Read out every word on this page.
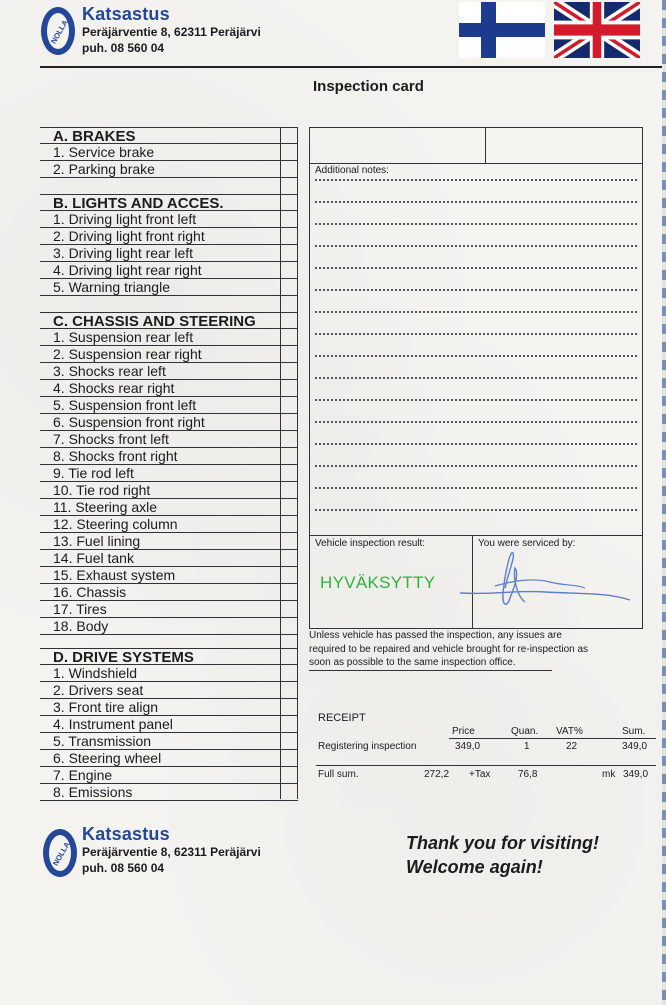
NOLLA
Katsastus
Peräjärventie 8, 62311 Peräjärvi
puh. 08 560 04
Inspection card
A. BRAKES
1. Service brake
2. Parking brake
B. LIGHTS AND ACCES.
1. Driving light front left
2. Driving light front right
3. Driving light rear left
4. Driving light rear right
5. Warning triangle
C. CHASSIS AND STEERING
1. Suspension rear left
2. Suspension rear right
3. Shocks rear left
4. Shocks rear right
5. Suspension front left
6. Suspension front right
7. Shocks front left
8. Shocks front right
9. Tie rod left
10. Tie rod right
11. Steering axle
12. Steering column
13. Fuel lining
14. Fuel tank
15. Exhaust system
16. Chassis
17. Tires
18. Body
D. DRIVE SYSTEMS
1. Windshield
2. Drivers seat
3. Front tire align
4. Instrument panel
5. Transmission
6. Steering wheel
7. Engine
8. Emissions
Additional notes:
Vehicle inspection result:	You were serviced by:
HYVÄKSYTTY
Unless vehicle has passed the inspection, any issues are
required to be repaired and vehicle brought for re-inspection as
soon as possible to the same inspection office.
RECEIPT
Price	Quan. VAT%	Sum.
Registering inspection	349,0	1	22	349,0
Full sum.	272,2 +Tax	76,8	mk 349,0
NOLLA
Katsastus
Peräjärventie 8, 62311 Peräjärvi
puh. 08 560 04
Thank you for visiting!
Welcome again!
